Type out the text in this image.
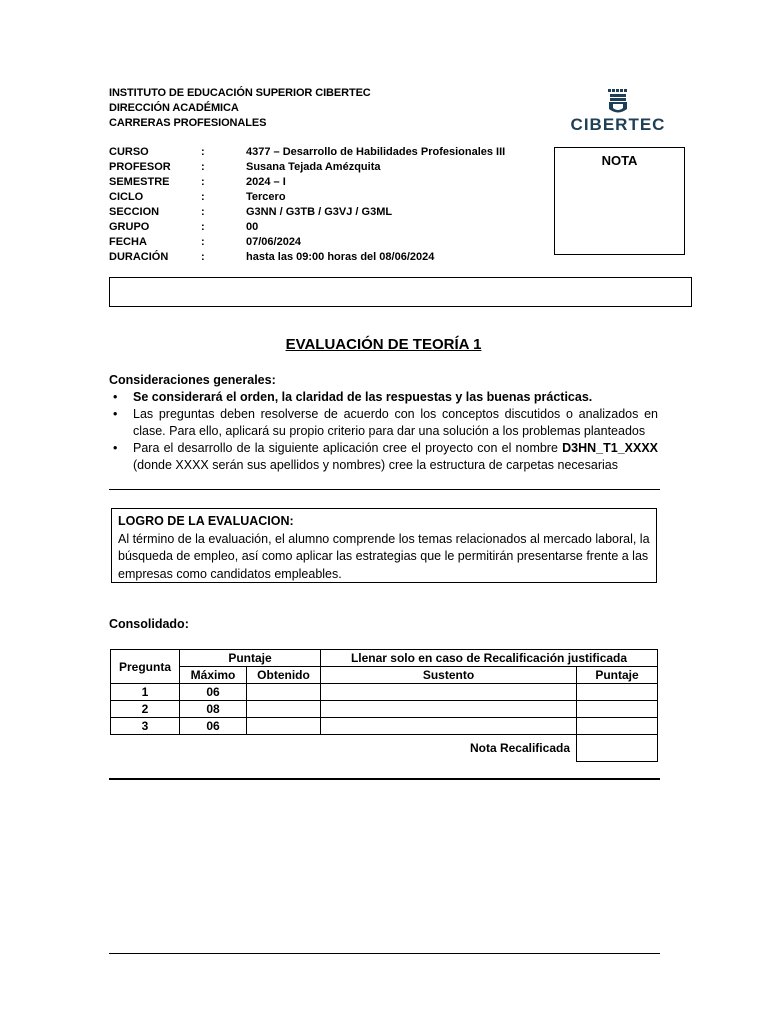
INSTITUTO DE EDUCACIÓN SUPERIOR CIBERTEC
DIRECCIÓN ACADÉMICA
CARRERAS PROFESIONALES	CIBERTEC
CURSO	:	4377 – Desarrollo de Habilidades Profesionales III
PROFESOR	:	Susana Tejada Amézquita
SEMESTRE	:	2024 – I
CICLO	:	Tercero
SECCION	:	G3NN / G3TB / G3VJ / G3ML
GRUPO	:	00
FECHA	:	07/06/2024
DURACIÓN	:	hasta las 09:00 horas del 08/06/2024
NOTA
EVALUACIÓN DE TEORÍA 1
Consideraciones generales:
• Se considerará el orden, la claridad de las respuestas y las buenas prácticas.
• Las preguntas deben resolverse de acuerdo con los conceptos discutidos o analizados en clase. Para ello, aplicará su propio criterio para dar una solución a los problemas planteados
• Para el desarrollo de la siguiente aplicación cree el proyecto con el nombre D3HN_T1_XXXX (donde XXXX serán sus apellidos y nombres) cree la estructura de carpetas necesarias
LOGRO DE LA EVALUACION:
Al término de la evaluación, el alumno comprende los temas relacionados al mercado laboral, la búsqueda de empleo, así como aplicar las estrategias que le permitirán presentarse frente a las empresas como candidatos empleables.
Consolidado:
Pregunta	Puntaje		Llenar solo en caso de Recalificación justificada	
	Máximo	Obtenido	Sustento	Puntaje
1	06			
2	08			
3	06			
Nota Recalificada				
